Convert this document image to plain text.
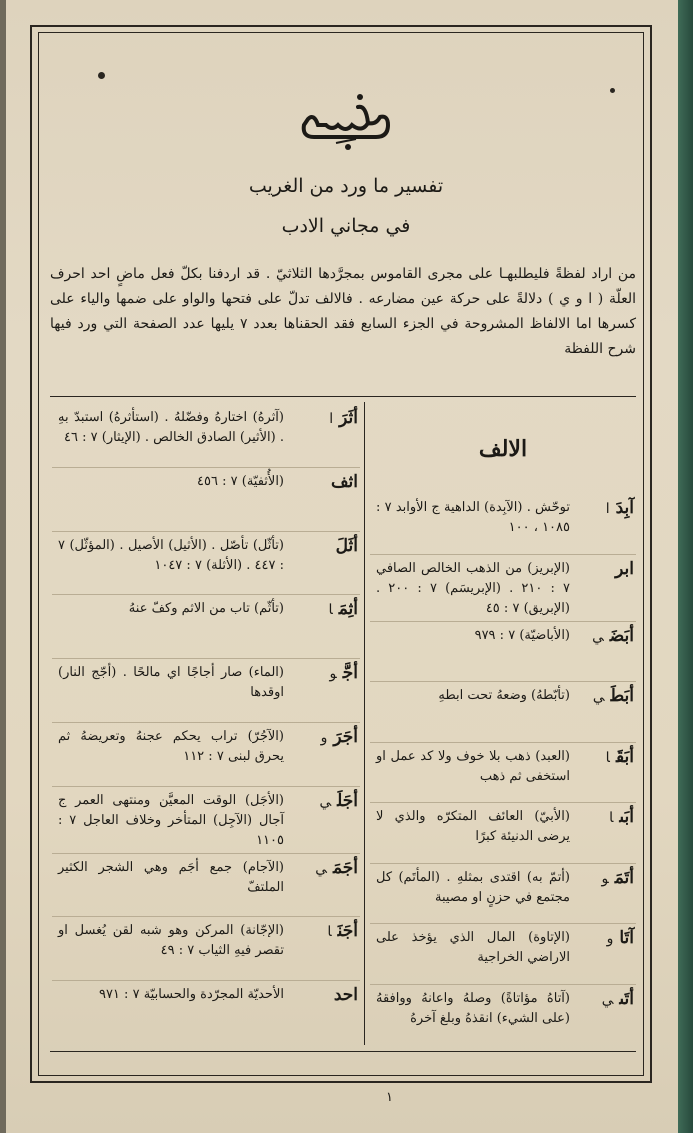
تفسير ما ورد من الغريب
في مجاني الادب
من اراد لفظةً فليطلبهـا على مجرى القاموس بمجرَّدها الثلاثيّ . قد اردفنا بكلّ فعل ماضٍ احد احرف العلّة ( ا و ي ) دلالةً على حركة عين مضارعه . فالالف تدلّ على فتحها والواو على ضمها والياء على كسرها اما الالفاظ المشروحة في الجزء السابع فقد الحقناها بعدد ٧ يليها عدد الصفحة التي ورد فيها شرح اللفظة
الالف
آبِدَا
توحّش . (الآبِدة) الداهية ج الأوابد ٧ : ١٠٨٥ ، ١٠٠
ابر
(الإبريز) من الذهب الخالص الصافي ٧ : ٢١٠ . (الإبريسَم) ٧ : ٢٠٠ . (الإبريق) ٧ : ٤٥
أبَضَي
(الأباضيّة) ٧ : ٩٧٩
أبَطَي
(تأبّطهُ) وضعهُ تحت ابطهِ
أبَقَا
(العبد) ذهب بلا خوف ولا كد عمل او استخفى ثم ذهب
أبَىا
(الأبيّ) العائف المتكرّه والذي لا يرضى الدنيئة كبرًا
أتَمَو
(أتمّ به) اقتدى بمثلهِ . (المأتَم) كل مجتمع في حزنٍ او مصيبة
آتَاو
(الإتاوة) المال الذي يؤخذ على الاراضي الخراجية
أتَىي
(آتاهُ مؤاتاةً) وصلهُ واعانهُ ووافقهُ (على الشيء) انقذهُ وبلغ آخرهُ
أثَرَا
(آثرهُ) اختارهُ وفضّلهُ . (استأثرهُ) استبدّ بهِ . (الأثير) الصادق الخالص . (الإيثار) ٧ : ٤٦
اثف
(الأُثفيّة) ٧ : ٤٥٦
أثَلَ
(تأثّل) تأصّل . (الأثيل) الأصيل . (المؤثّل) ٧ : ٤٤٧ . (الأثلة) ٧ : ١٠٤٧
أثِمَا
(تأثّم) تاب من الاثم وكفّ عنهُ
أجَّو
(الماء) صار أجاجًا اي مالحًا . (أجّج النار) اوقدها
أجَرَو
(الآجُرّ) تراب يحكم عجنهُ وتعريضهُ ثم يحرق لبنى ٧ : ١١٢
أجَلَي
(الأجَل) الوقت المعيَّن ومنتهى العمر ج آجال (الآجِل) المتأخر وخلاف العاجل ٧ : ١١٠٥
أجَمَي
(الآجام) جمع أجَم وهي الشجر الكثير الملتفّ
أجَنَا
(الإجّانة) المركن وهو شبه لقن يُغسل او تقصر فيهِ الثياب ٧ : ٤٩
احد
الأحديّة المجرّدة والحسابيّة ٧ : ٩٧١
١
